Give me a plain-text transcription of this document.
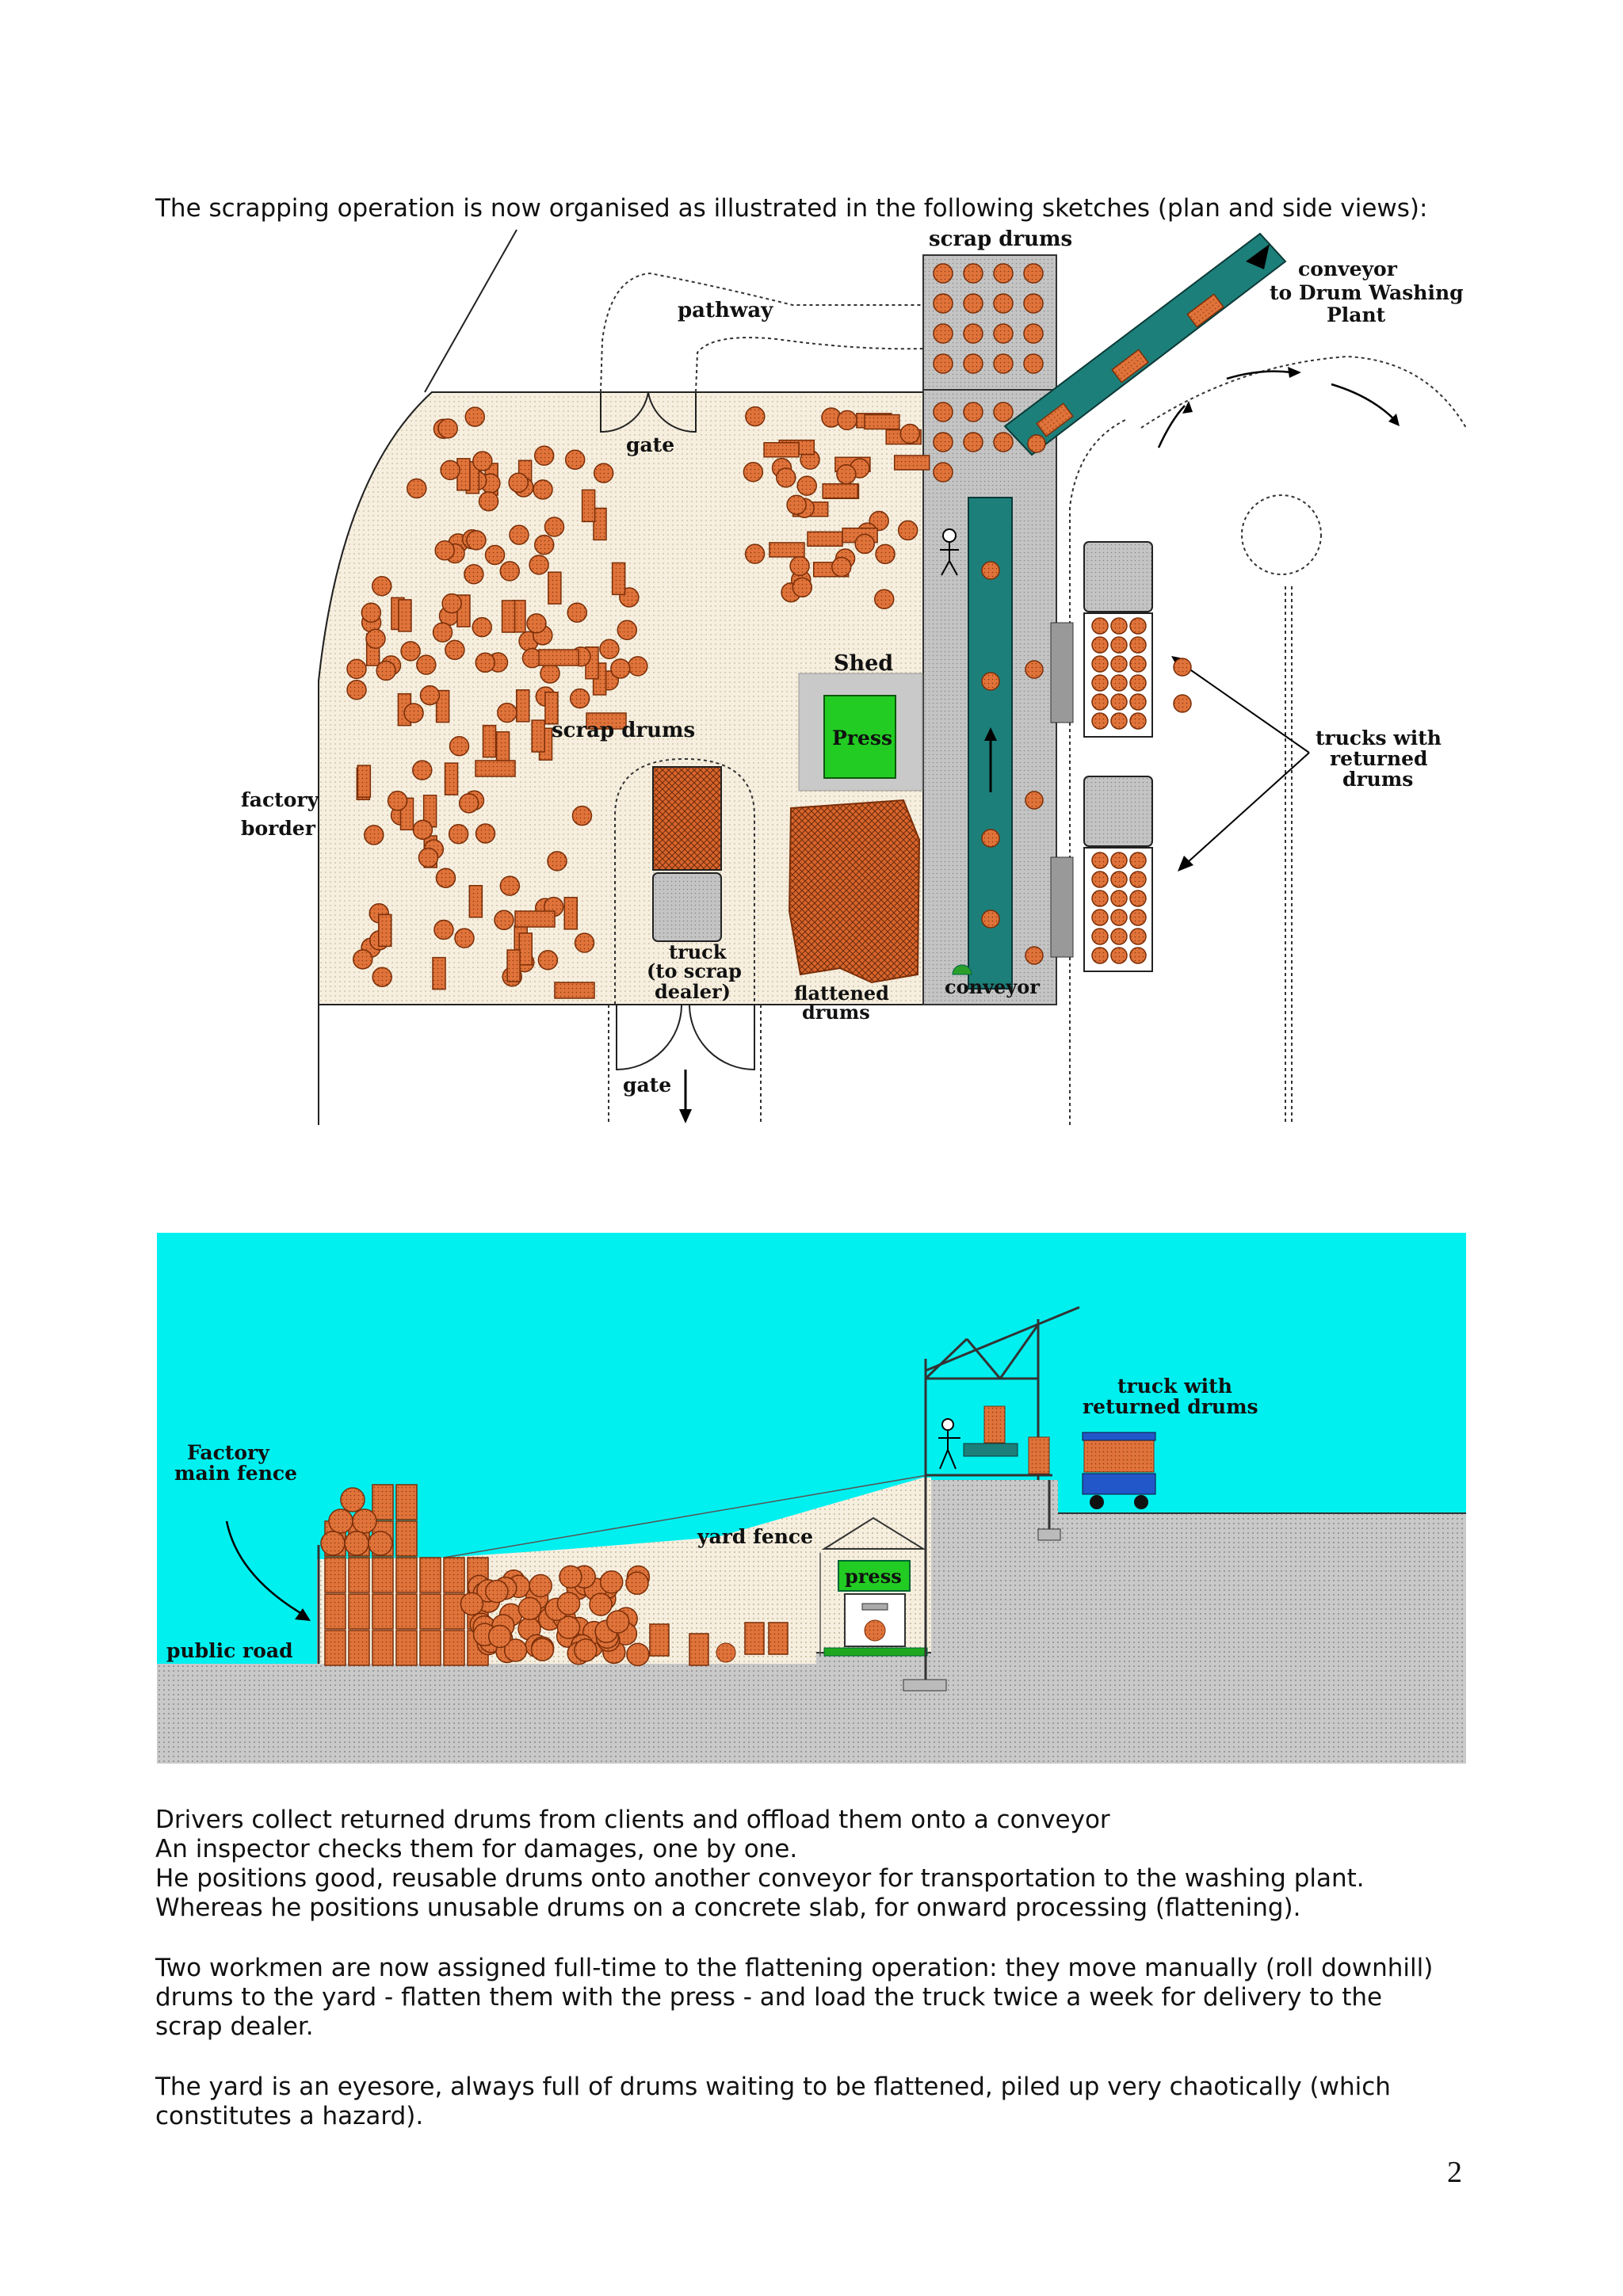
The scrapping operation is now organised as illustrated in the following sketches (plan and side views):

scrap drums
pathway
conveyor
to Drum Washing
Plant
gate
Shed
Press
scrap drums
factory
border
trucks with
returned
drums
truck
(to scrap
dealer)	flattened
drums
conveyor
gate
Factory
main fence
public road
yard fence
press
truck with
returned drums

Drivers collect returned drums from clients and offload them onto a conveyor

An inspector checks them for damages, one by one.

He positions good, reusable drums onto another conveyor for transportation to the washing plant.

Whereas he positions unusable drums on a concrete slab, for onward processing (flattening).

Two workmen are now assigned full-time to the flattening operation: they move manually (roll downhill)

drums to the yard - flatten them with the press - and load the truck twice a week for delivery to the

scrap dealer.

The yard is an eyesore, always full of drums waiting to be flattened, piled up very chaotically (which

constitutes a hazard).

2
